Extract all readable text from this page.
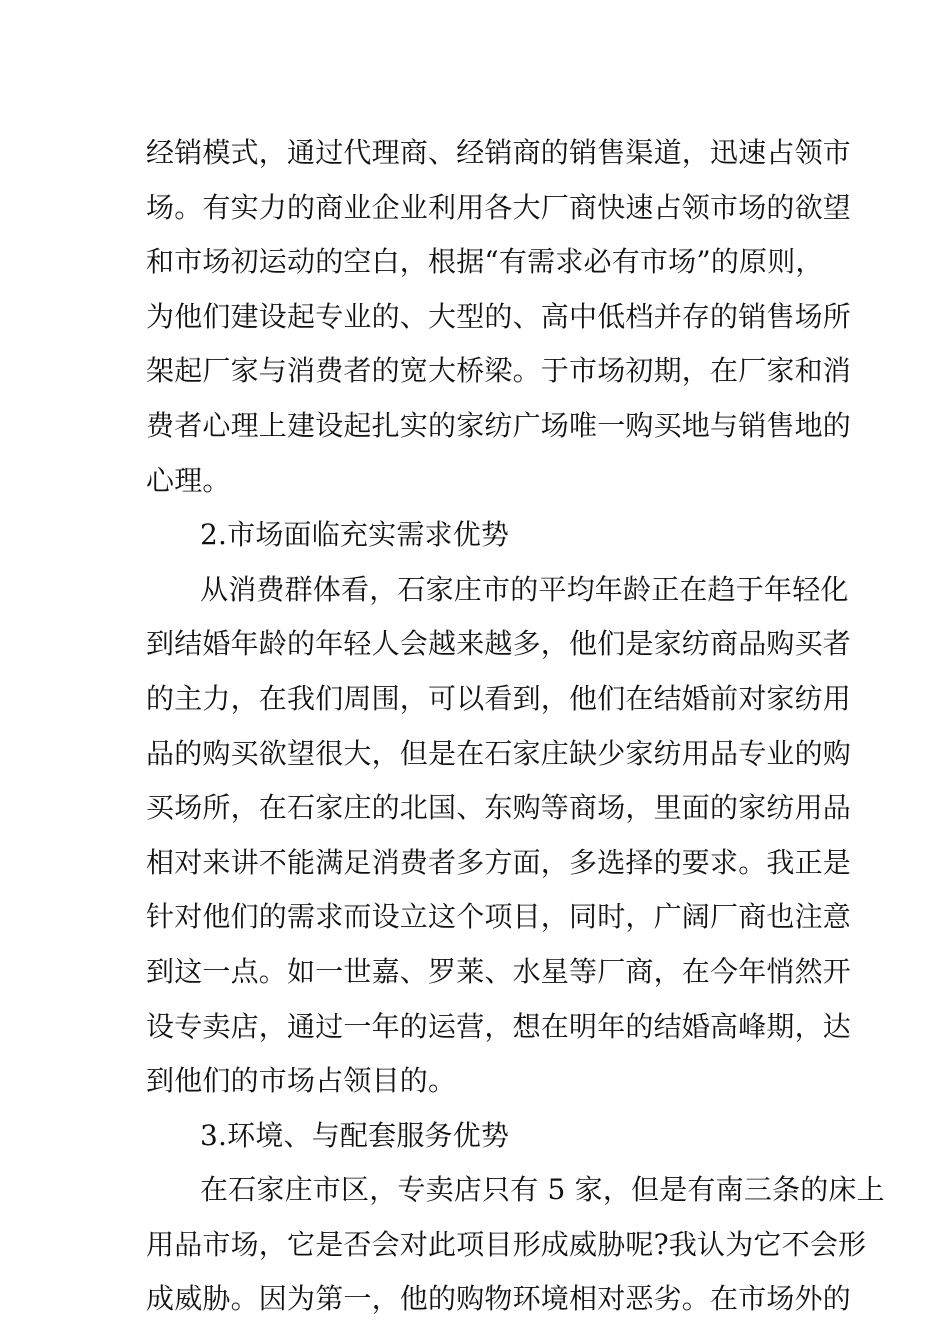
经销模式，通过代理商、经销商的销售渠道，迅速占领市
场。有实力的商业企业利用各大厂商快速占领市场的欲望
和市场初运动的空白，根据“有需求必有市场”的原则，
为他们建设起专业的、大型的、高中低档并存的销售场所
架起厂家与消费者的宽大桥梁。于市场初期，在厂家和消
费者心理上建设起扎实的家纺广场唯一购买地与销售地的
心理。
2.市场面临充实需求优势
从消费群体看，石家庄市的平均年龄正在趋于年轻化
到结婚年龄的年轻人会越来越多，他们是家纺商品购买者
的主力，在我们周围，可以看到，他们在结婚前对家纺用
品的购买欲望很大，但是在石家庄缺少家纺用品专业的购
买场所，在石家庄的北国、东购等商场，里面的家纺用品
相对来讲不能满足消费者多方面，多选择的要求。我正是
针对他们的需求而设立这个项目，同时，广阔厂商也注意
到这一点。如一世嘉、罗莱、水星等厂商，在今年悄然开
设专卖店，通过一年的运营，想在明年的结婚高峰期，达
到他们的市场占领目的。
3.环境、与配套服务优势
在石家庄市区，专卖店只有 5 家，但是有南三条的床上
用品市场，它是否会对此项目形成威胁呢?我认为它不会形
成威胁。因为第一，他的购物环境相对恶劣。在市场外的
